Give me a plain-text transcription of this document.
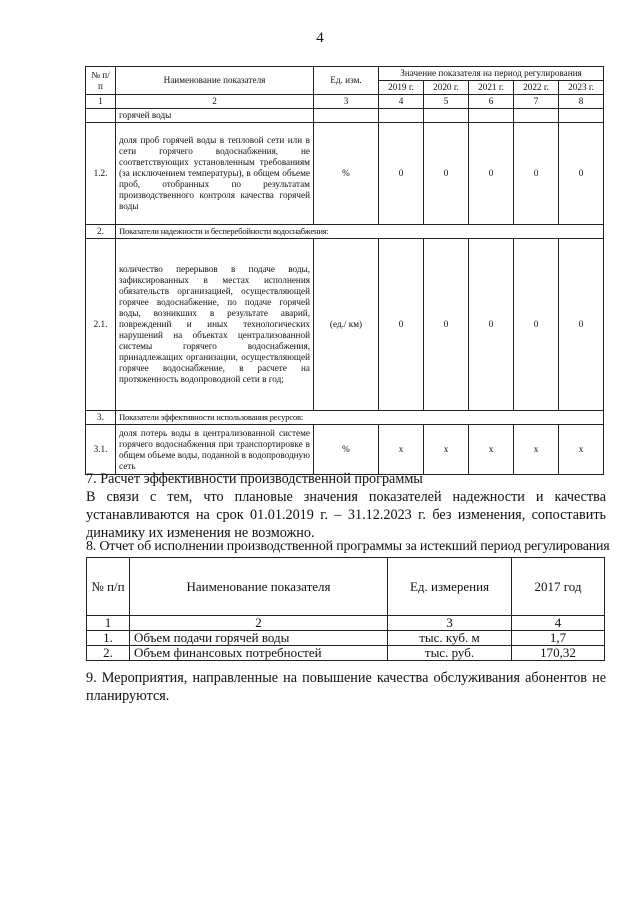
4
№ п/п	Наименование показателя	Ед. изм.	Значение показателя на период регулирования				
			2019 г.	2020 г.	2021 г.	2022 г.	2023 г.
1	2	3	4	5	6	7	8
	горячей воды						
1.2.	доля проб горячей воды в тепловой сети или в сети горячего водоснабжения, не соответствующих установленным требованиям (за исключением температуры), в общем объеме проб, отобранных по результатам производственного контроля качества горячей воды	%	0	0	0	0	0
2.	Показатели надежности и бесперебойности водоснабжения:						
2.1.	количество перерывов в подаче воды, зафиксированных в местах исполнения обязательств организацией, осуществляющей горячее водоснабжение, по подаче горячей воды, возникших в результате аварий, повреждений и иных технологических нарушений на объектах централизованной системы горячего водоснабжения, принадлежащих организации, осуществляющей горячее водоснабжение, в расчете на протяженность водопроводной сети в год;	(ед./ км)	0	0	0	0	0
3.	Показатели эффективности использования ресурсов:						
3.1.	доля потерь воды в централизованной системе горячего водоснабжения при транспортировке в общем объеме воды, поданной в водопроводную сеть	%	x	x	x	x	x
7. Расчет эффективности производственной программы
В связи с тем, что плановые значения показателей надежности и качества устанавливаются на срок 01.01.2019 г. – 31.12.2023 г. без изменения, сопоставить динамику их изменения не возможно.
8. Отчет об исполнении производственной программы за истекший период регулирования
№ п/п	Наименование показателя	Ед. измерения	2017 год
1	2	3	4
1.	Объем подачи горячей воды	тыс. куб. м	1,7
2.	Объем финансовых потребностей	тыс. руб.	170,32
9. Мероприятия, направленные на повышение качества обслуживания абонентов не планируются.
